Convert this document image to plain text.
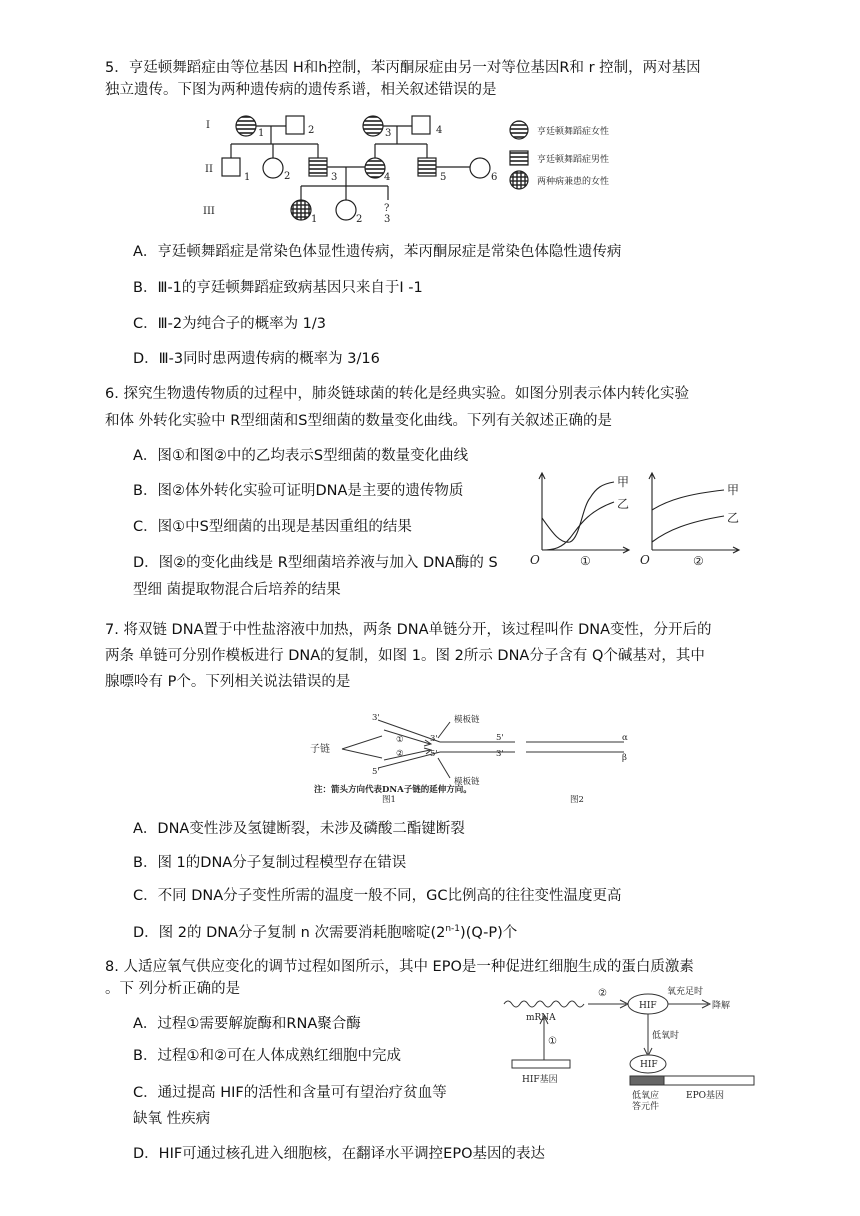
5．亨廷顿舞蹈症由等位基因 H和h控制，苯丙酮尿症由另一对等位基因R和 r 控制，两对基因
独立遗传。下图为两种遗传病的遗传系谱，相关叙述错误的是
I
II
III
1	2	3	4
1	2	3	4	5	6
1	2
?
3
亨廷顿舞蹈症女性
亨廷顿舞蹈症男性
两种病兼患的女性
A．亨廷顿舞蹈症是常染色体显性遗传病，苯丙酮尿症是常染色体隐性遗传病
B．Ⅲ-1的亨廷顿舞蹈症致病基因只来自于Ⅰ -1
C．Ⅲ-2为纯合子的概率为 1/3
D．Ⅲ-3同时患两遗传病的概率为 3/16
6. 探究生物遗传物质的过程中，肺炎链球菌的转化是经典实验。如图分别表示体内转化实验
和体 外转化实验中 R型细菌和S型细菌的数量变化曲线。下列有关叙述正确的是
A．图①和图②中的乙均表示S型细菌的数量变化曲线
B．图②体外转化实验可证明DNA是主要的遗传物质
C．图①中S型细菌的出现是基因重组的结果
D．图②的变化曲线是 R型细菌培养液与加入 DNA酶的 S
型细 菌提取物混合后培养的结果
甲
乙
O	①
甲
乙
O	②
7. 将双链 DNA置于中性盐溶液中加热，两条 DNA单链分开，该过程叫作 DNA变性，分开后的
两条 单链可分别作模板进行 DNA的复制，如图 1。图 2所示 DNA分子含有 Q个碱基对，其中
腺嘌呤有 P个。下列相关说法错误的是
模板链
模板链
子链
3'
5'
3'
5'
5'
3'
①
②
α
β
注：箭头方向代表DNA子链的延伸方向。
图1	图2
A．DNA变性涉及氢键断裂，未涉及磷酸二酯键断裂
B．图 1的DNA分子复制过程模型存在错误
C．不同 DNA分子变性所需的温度一般不同，GC比例高的往往变性温度更高
D．图 2的 DNA分子复制 n 次需要消耗胞嘧啶(2$^{n-1}$)(Q-P)个
8. 人适应氧气供应变化的调节过程如图所示，其中 EPO是一种促进红细胞生成的蛋白质激素
。下 列分析正确的是
A．过程①需要解旋酶和RNA聚合酶
B．过程①和②可在人体成熟红细胞中完成
C．通过提高 HIF的活性和含量可有望治疗贫血等
缺氧 性疾病
D．HIF可通过核孔进入细胞核，在翻译水平调控EPO基因的表达
mRNA
①
②
HIF
氧充足时
降解
低氧时
HIF
HIF基因
低氧应
答元件
EPO基因
